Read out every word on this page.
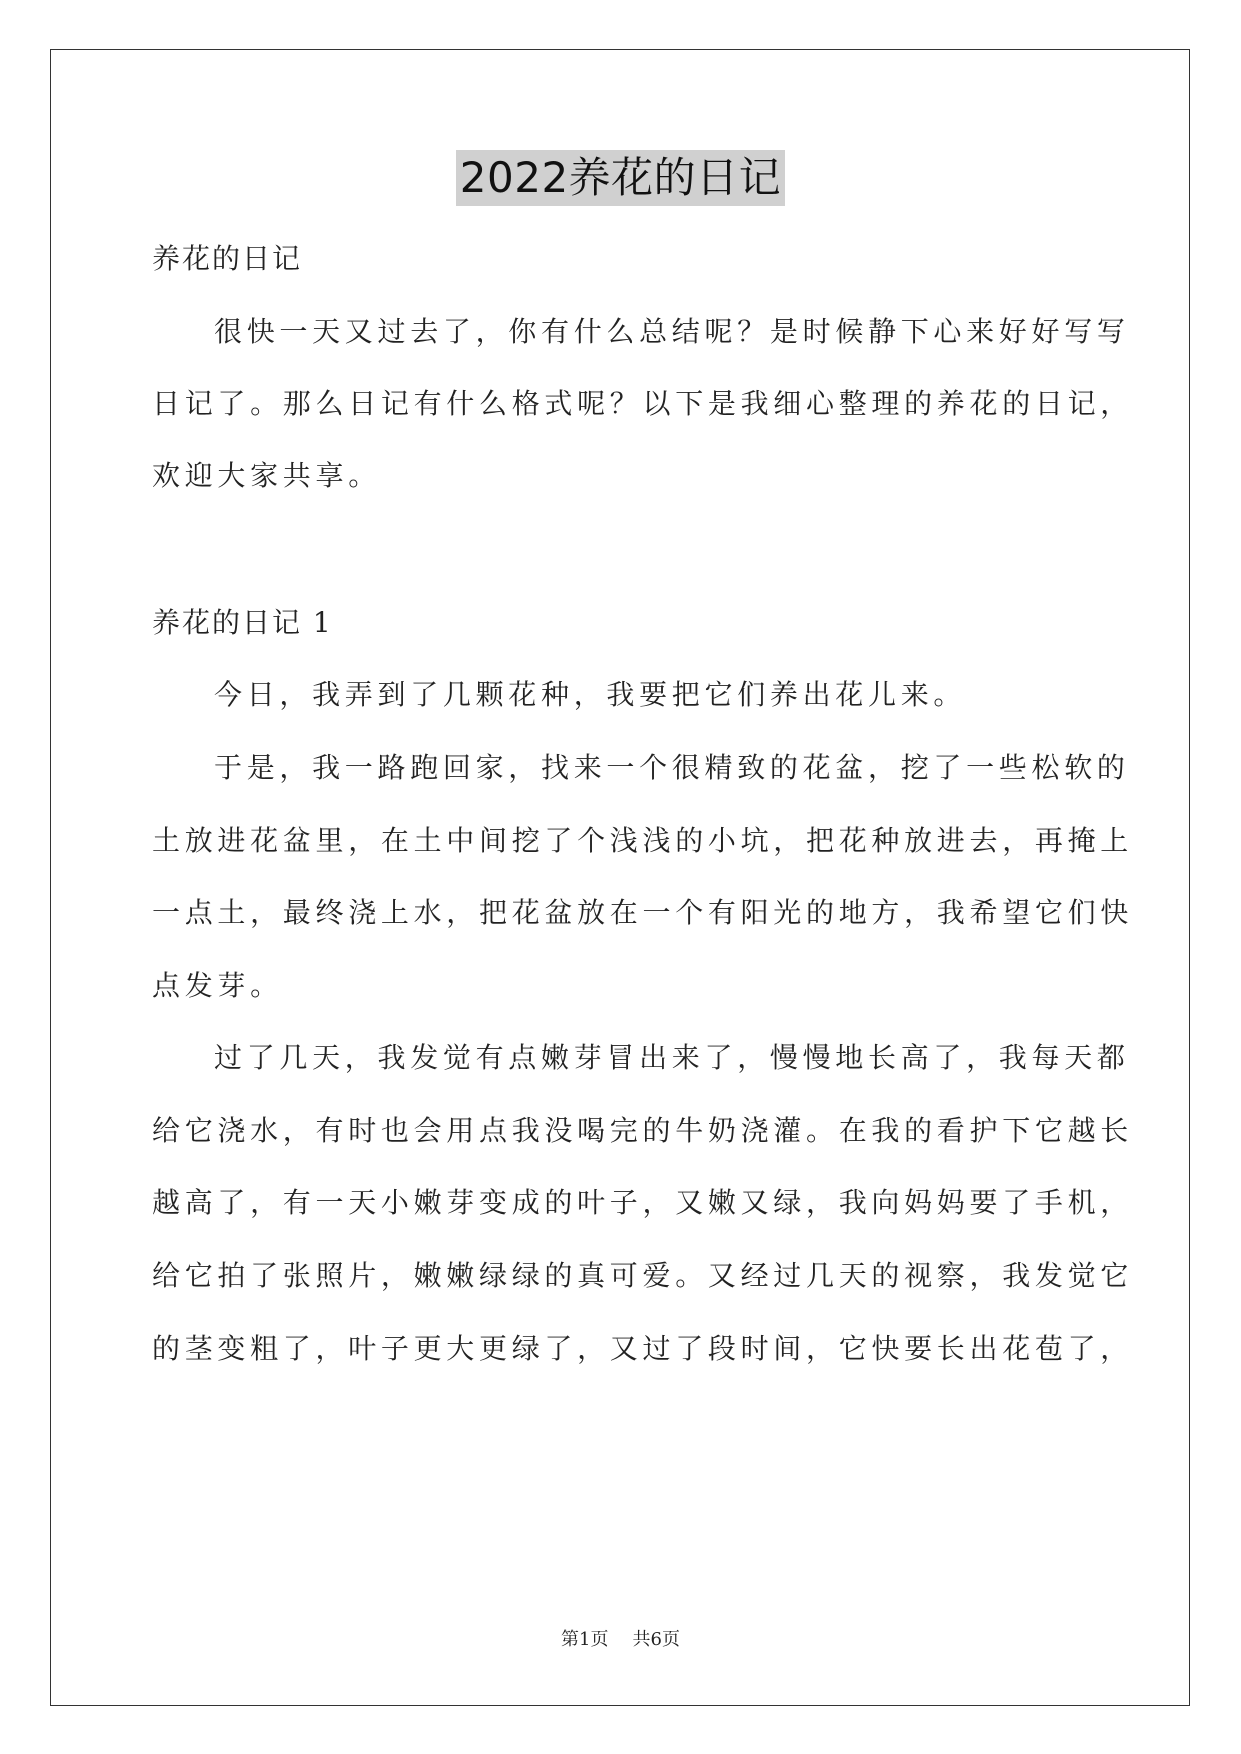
2022养花的日记
养花的日记
很快一天又过去了，你有什么总结呢？是时候静下心来好好写写
日记了。那么日记有什么格式呢？以下是我细心整理的养花的日记，
欢迎大家共享。
养花的日记 1
今日，我弄到了几颗花种，我要把它们养出花儿来。
于是，我一路跑回家，找来一个很精致的花盆，挖了一些松软的
土放进花盆里，在土中间挖了个浅浅的小坑，把花种放进去，再掩上
一点土，最终浇上水，把花盆放在一个有阳光的地方，我希望它们快
点发芽。
过了几天，我发觉有点嫩芽冒出来了，慢慢地长高了，我每天都
给它浇水，有时也会用点我没喝完的牛奶浇灌。在我的看护下它越长
越高了，有一天小嫩芽变成的叶子，又嫩又绿，我向妈妈要了手机，
给它拍了张照片，嫩嫩绿绿的真可爱。又经过几天的视察，我发觉它
的茎变粗了，叶子更大更绿了，又过了段时间，它快要长出花苞了，
第1页 共6页
